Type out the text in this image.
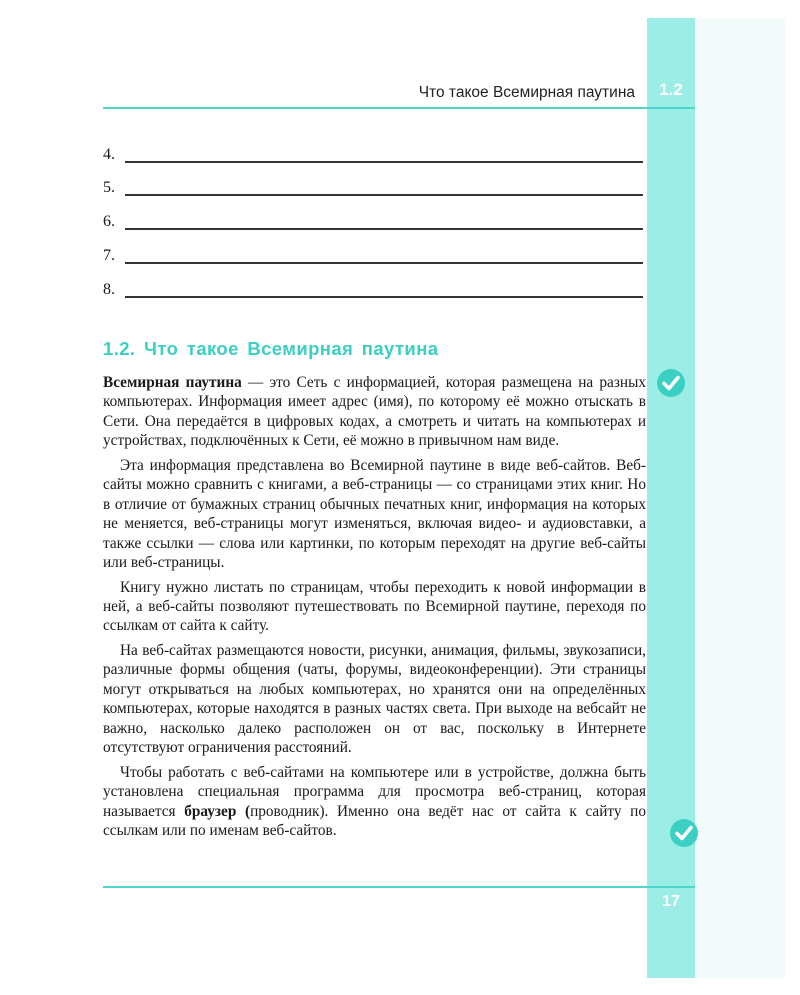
Что такое Всемирная паутина	1.2
4.
5.
6.
7.
8.
1.2. Что такое Всемирная паутина

Всемирная паутина — это Сеть с информацией, которая размещена на разных компьютерах. Информация имеет адрес (имя), по которому её можно отыскать в Сети. Она передаётся в цифровых кодах, а смотреть и читать на компьютерах и устройствах, подключённых к Сети, её можно в привычном нам виде.

Эта информация представлена во Всемирной паутине в виде веб-сайтов. Веб-сайты можно сравнить с книгами, а веб-страницы — со страницами этих книг. Но в отличие от бумажных страниц обычных печатных книг, информация на которых не меняется, веб-страницы могут изменяться, включая видео- и аудиовставки, а также ссылки — слова или картинки, по которым переходят на другие веб-сайты или веб-страницы.

Книгу нужно листать по страницам, чтобы переходить к новой информации в ней, а веб-сайты позволяют путешествовать по Всемирной паутине, переходя по ссылкам от сайта к сайту.

На веб-сайтах размещаются новости, рисунки, анимация, фильмы, звукозаписи, различные формы общения (чаты, форумы, видеоконференции). Эти страницы могут открываться на любых компьютерах, но хранятся они на определённых компьютерах, которые находятся в разных частях света. При выходе на вебсайт не важно, насколько далеко расположен он от вас, поскольку в Интернете отсутствуют ограничения расстояний.

Чтобы работать с веб-сайтами на компьютере или в устройстве, должна быть установлена специальная программа для просмотра веб-страниц, которая называется браузер (проводник). Именно она ведёт нас от сайта к сайту по ссылкам или по именам веб-сайтов.

17
